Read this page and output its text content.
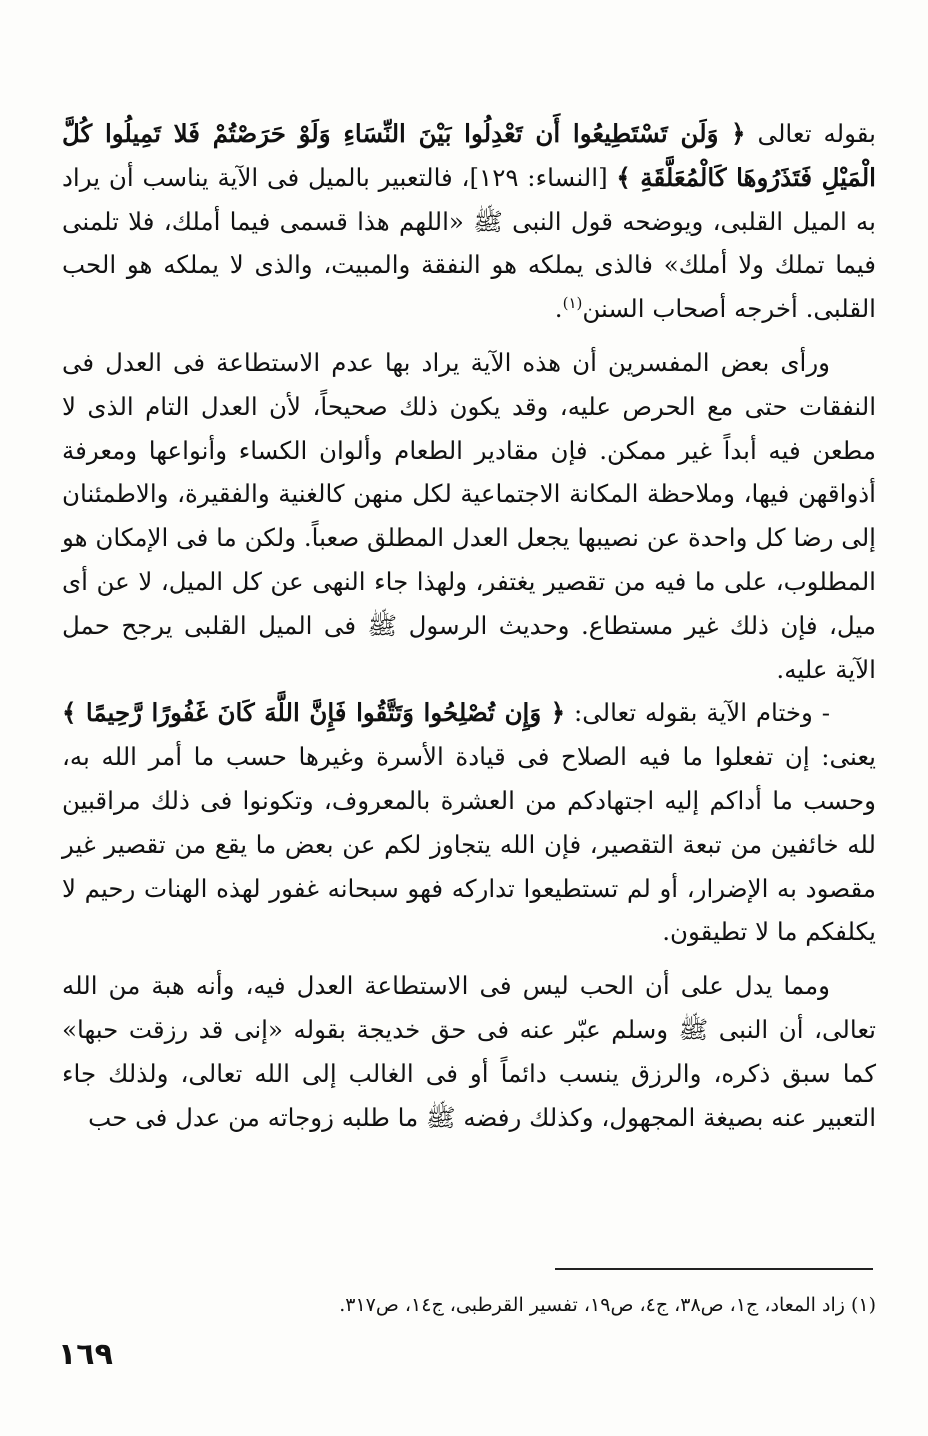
بقوله تعالى ﴿ وَلَن تَسْتَطِيعُوا أَن تَعْدِلُوا بَيْنَ النِّسَاءِ وَلَوْ حَرَصْتُمْ فَلا تَمِيلُوا كُلَّ الْمَيْلِ فَتَذَرُوهَا كَالْمُعَلَّقَةِ ﴾ [النساء: ١٢٩]، فالتعبير بالميل فى الآية يناسب أن يراد به الميل القلبى، ويوضحه قول النبى ﷺ «اللهم هذا قسمى فيما أملك، فلا تلمنى فيما تملك ولا أملك» فالذى يملكه هو النفقة والمبيت، والذى لا يملكه هو الحب القلبى. أخرجه أصحاب السنن$^{(١)}$.

ورأى بعض المفسرين أن هذه الآية يراد بها عدم الاستطاعة فى العدل فى النفقات حتى مع الحرص عليه، وقد يكون ذلك صحيحاً، لأن العدل التام الذى لا مطعن فيه أبداً غير ممكن. فإن مقادير الطعام وألوان الكساء وأنواعها ومعرفة أذواقهن فيها، وملاحظة المكانة الاجتماعية لكل منهن كالغنية والفقيرة، والاطمئنان إلى رضا كل واحدة عن نصيبها يجعل العدل المطلق صعباً. ولكن ما فى الإمكان هو المطلوب، على ما فيه من تقصير يغتفر، ولهذا جاء النهى عن كل الميل، لا عن أى ميل، فإن ذلك غير مستطاع. وحديث الرسول ﷺ فى الميل القلبى يرجح حمل الآية عليه.

- وختام الآية بقوله تعالى: ﴿ وَإِن تُصْلِحُوا وَتَتَّقُوا فَإِنَّ اللَّهَ كَانَ غَفُورًا رَّحِيمًا ﴾ يعنى: إن تفعلوا ما فيه الصلاح فى قيادة الأسرة وغيرها حسب ما أمر الله به، وحسب ما أداكم إليه اجتهادكم من العشرة بالمعروف، وتكونوا فى ذلك مراقبين لله خائفين من تبعة التقصير، فإن الله يتجاوز لكم عن بعض ما يقع من تقصير غير مقصود به الإضرار، أو لم تستطيعوا تداركه فهو سبحانه غفور لهذه الهنات رحيم لا يكلفكم ما لا تطيقون.

ومما يدل على أن الحب ليس فى الاستطاعة العدل فيه، وأنه هبة من الله تعالى، أن النبى ﷺ وسلم عبّر عنه فى حق خديجة بقوله «إنى قد رزقت حبها» كما سبق ذكره، والرزق ينسب دائماً أو فى الغالب إلى الله تعالى، ولذلك جاء التعبير عنه بصيغة المجهول، وكذلك رفضه ﷺ ما طلبه زوجاته من عدل فى حب

(١) زاد المعاد، ج١، ص٣٨، ج٤، ص١٩، تفسير القرطبى، ج١٤، ص٣١٧.
١٦٩
